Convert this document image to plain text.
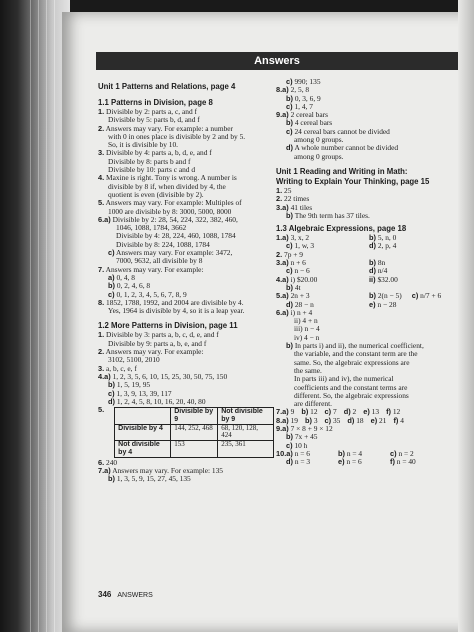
Answers
Unit 1 Patterns and Relations, page 4
1.1 Patterns in Division, page 8
1. Divisible by 2: parts a, c, and f
Divisible by 5: parts b, d, and f
2. Answers may vary. For example: a number
with 0 in ones place is divisible by 2 and by 5.
So, it is divisible by 10.
3. Divisible by 4: parts a, b, d, e, and f
Divisible by 8: parts b and f
Divisible by 10: parts c and d
4. Maxine is right. Tony is wrong. A number is
divisible by 8 if, when divided by 4, the
quotient is even (divisible by 2).
5. Answers may vary. For example: Multiples of
1000 are divisible by 8: 3000, 5000, 8000
6.a) Divisible by 2: 28, 54, 224, 322, 382, 460,
1046, 1088, 1784, 3662
Divisible by 4: 28, 224, 460, 1088, 1784
Divisible by 8: 224, 1088, 1784
c) Answers may vary. For example: 3472,
7000, 9632, all divisible by 8
7. Answers may vary. For example:
a) 0, 4, 8
b) 0, 2, 4, 6, 8
c) 0, 1, 2, 3, 4, 5, 6, 7, 8, 9
8. 1852, 1788, 1992, and 2004 are divisible by 4.
Yes, 1964 is divisible by 4, so it is a leap year.
1.2 More Patterns in Division, page 11
1. Divisible by 3: parts a, b, c, d, e, and f
Divisible by 9: parts a, b, e, and f
2. Answers may vary. For example:
3102, 5100, 2010
3. a, b, c, e, f
4.a) 1, 2, 3, 5, 6, 10, 15, 25, 30, 50, 75, 150
b) 1, 5, 19, 95
c) 1, 3, 9, 13, 39, 117
d) 1, 2, 4, 5, 8, 10, 16, 20, 40, 80
5.
		Divisible by 9	Not divisible by 9
Divisible by 4	144, 252, 468	68, 120, 128, 424
Not divisible by 4	153	235, 361
6. 240
7.a) Answers may vary. For example: 135
b) 1, 3, 5, 9, 15, 27, 45, 135
c) 990; 135
8.a) 2, 5, 8
b) 0, 3, 6, 9
c) 1, 4, 7
9.a) 2 cereal bars
b) 4 cereal bars
c) 24 cereal bars cannot be divided
among 0 groups.
d) A whole number cannot be divided
among 0 groups.
Unit 1 Reading and Writing in Math:
Writing to Explain Your Thinking, page 15
1. 25
2. 22 times
3.a) 41 tiles
b) The 9th term has 37 tiles.
1.3 Algebraic Expressions, page 18
1.a) 3, x, 2	b) 5, n, 0
c) 1, w, 3	d) 2, p, 4
2. 7p + 9
3.a) n + 6	b) 8n
c) n − 6	d) n/4
4.a) i) $20.00	ii) $32.00
b) 4t
5.a) 2n + 3	b) 2(n − 5) c) n/7 + 6
d) 28 − n	e) n − 28
6.a) i) n + 4
ii) 4 + n
iii) n − 4
iv) 4 − n
b) In parts i) and ii), the numerical coefficient,
the variable, and the constant term are the
same. So, the algebraic expressions are
the same.
In parts iii) and iv), the numerical
coefficients and the constant terms are
different. So, the algebraic expressions
are different.
7.a) 9 b) 12 c) 7 d) 2 e) 13 f) 12
8.a) 19 b) 3 c) 35 d) 18 e) 21 f) 4
9.a) 7 × 8 + 9 × 12
b) 7x + 45
c) 10 h
10.a) n = 6	b) n = 4	c) n = 2
d) n = 3	e) n = 6	f) n = 40
346 ANSWERS
